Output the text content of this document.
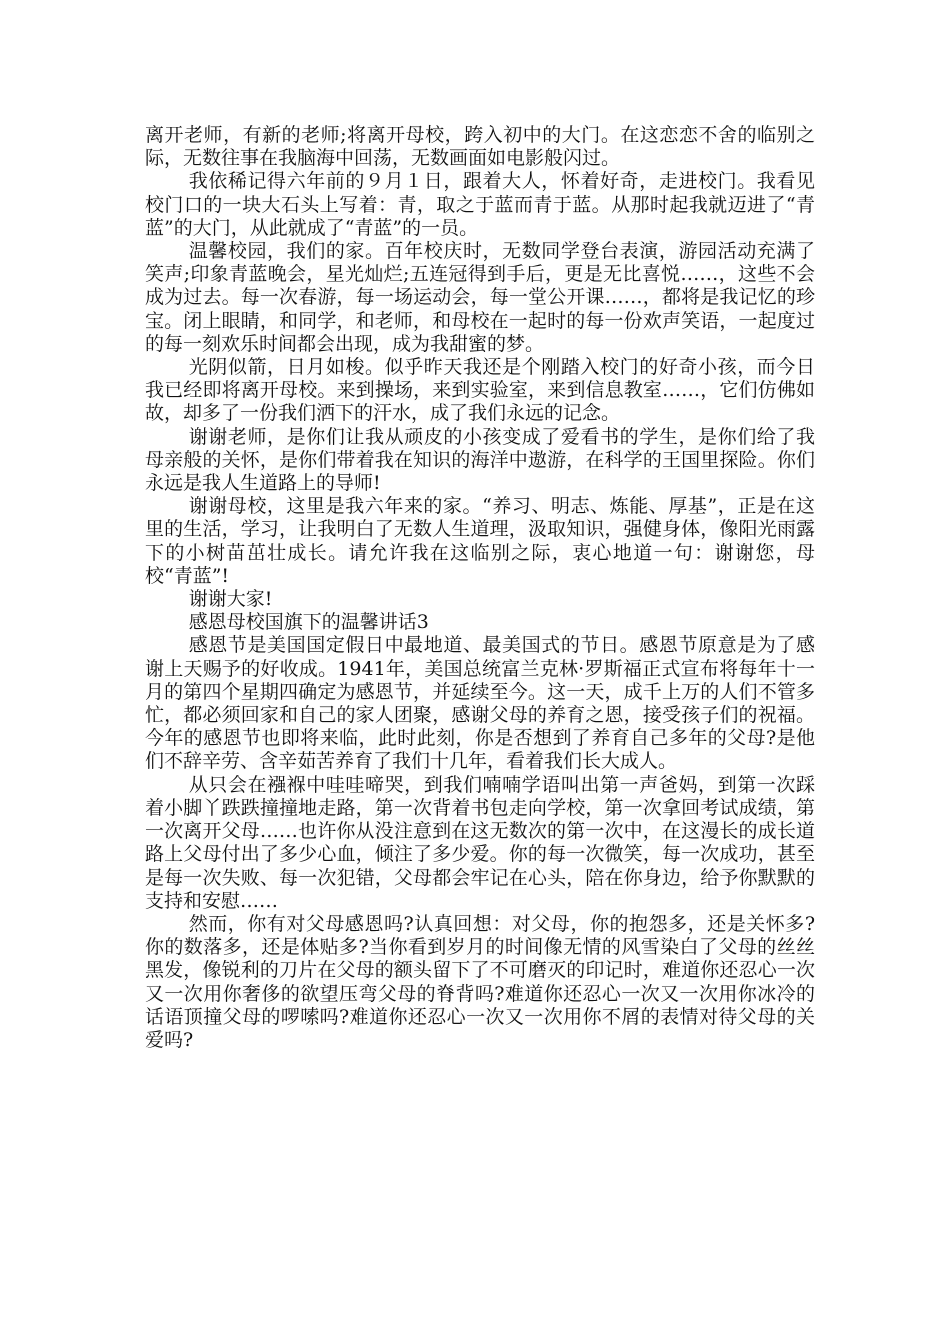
离开老师，有新的老师;将离开母校，跨入初中的大门。在这恋恋不舍的临别之际，无数往事在我脑海中回荡，无数画面如电影般闪过。

我依稀记得六年前的９月１日，跟着大人，怀着好奇，走进校门。我看见校门口的一块大石头上写着：青，取之于蓝而青于蓝。从那时起我就迈进了“青蓝”的大门，从此就成了“青蓝”的一员。

温馨校园，我们的家。百年校庆时，无数同学登台表演，游园活动充满了笑声;印象青蓝晚会，星光灿烂;五连冠得到手后，更是无比喜悦……，这些不会成为过去。每一次春游，每一场运动会，每一堂公开课……，都将是我记忆的珍宝。闭上眼睛，和同学，和老师，和母校在一起时的每一份欢声笑语，一起度过的每一刻欢乐时间都会出现，成为我甜蜜的梦。

光阴似箭，日月如梭。似乎昨天我还是个刚踏入校门的好奇小孩，而今日我已经即将离开母校。来到操场，来到实验室，来到信息教室……，它们仿佛如故，却多了一份我们洒下的汗水，成了我们永远的记念。

谢谢老师，是你们让我从顽皮的小孩变成了爱看书的学生，是你们给了我母亲般的关怀，是你们带着我在知识的海洋中遨游，在科学的王国里探险。你们永远是我人生道路上的导师!

谢谢母校，这里是我六年来的家。“养习、明志、炼能、厚基”，正是在这里的生活，学习，让我明白了无数人生道理，汲取知识，强健身体，像阳光雨露下的小树苗茁壮成长。请允许我在这临别之际，衷心地道一句：谢谢您，母校“青蓝”!

谢谢大家!

感恩母校国旗下的温馨讲话3

感恩节是美国国定假日中最地道、最美国式的节日。感恩节原意是为了感谢上天赐予的好收成。1941年，美国总统富兰克林·罗斯福正式宣布将每年十一月的第四个星期四确定为感恩节，并延续至今。这一天，成千上万的人们不管多忙，都必须回家和自己的家人团聚，感谢父母的养育之恩，接受孩子们的祝福。今年的感恩节也即将来临，此时此刻，你是否想到了养育自己多年的父母?是他们不辞辛劳、含辛茹苦养育了我们十几年，看着我们长大成人。

从只会在襁褓中哇哇啼哭，到我们喃喃学语叫出第一声爸妈，到第一次踩着小脚丫跌跌撞撞地走路，第一次背着书包走向学校，第一次拿回考试成绩，第一次离开父母……也许你从没注意到在这无数次的第一次中，在这漫长的成长道路上父母付出了多少心血，倾注了多少爱。你的每一次微笑，每一次成功，甚至是每一次失败、每一次犯错，父母都会牢记在心头，陪在你身边，给予你默默的支持和安慰……

然而，你有对父母感恩吗?认真回想：对父母，你的抱怨多，还是关怀多?你的数落多，还是体贴多?当你看到岁月的时间像无情的风雪染白了父母的丝丝黑发，像锐利的刀片在父母的额头留下了不可磨灭的印记时，难道你还忍心一次又一次用你奢侈的欲望压弯父母的脊背吗?难道你还忍心一次又一次用你冰冷的话语顶撞父母的啰嗦吗?难道你还忍心一次又一次用你不屑的表情对待父母的关爱吗?
